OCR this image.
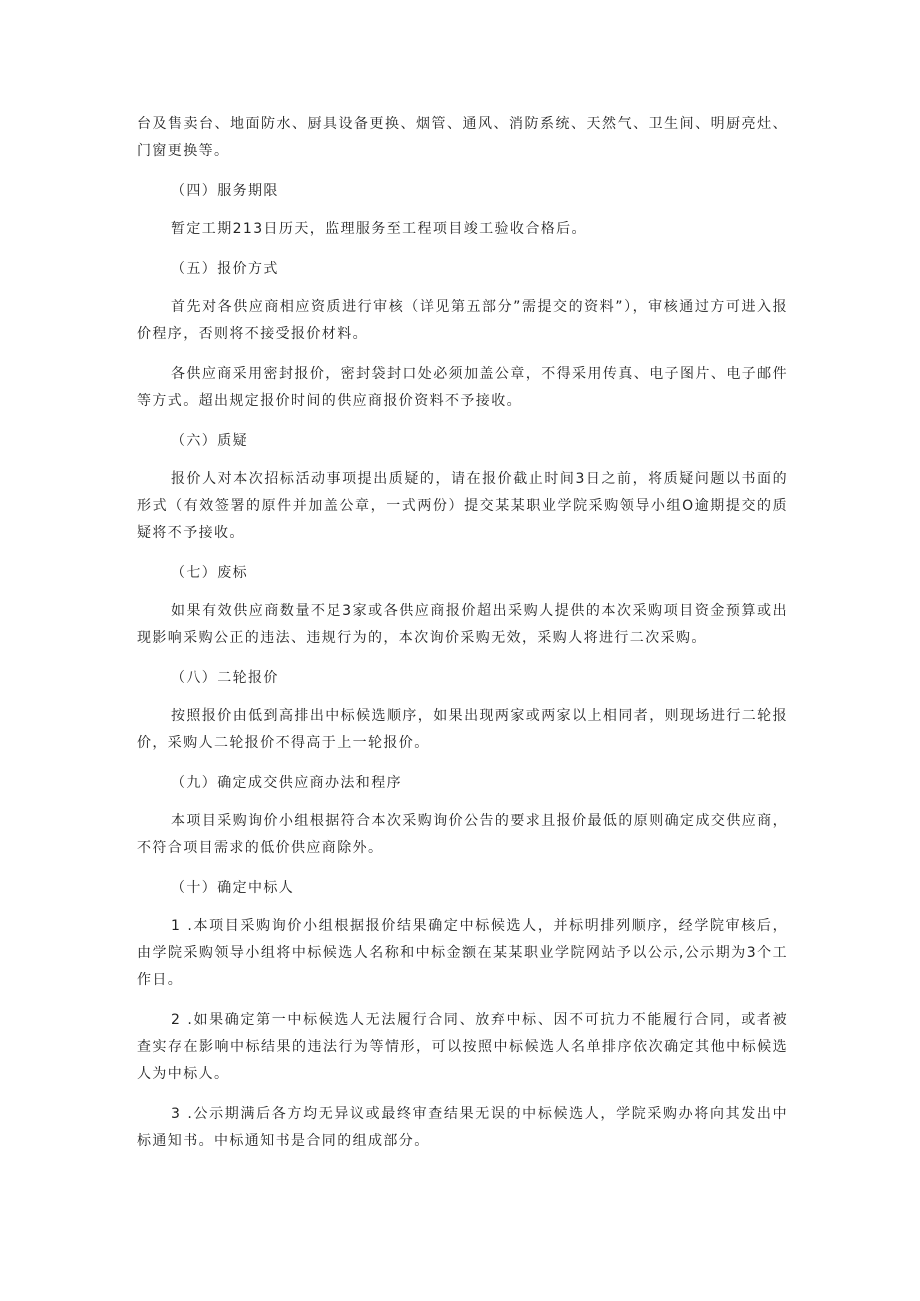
台及售卖台、地面防水、厨具设备更换、烟管、通风、消防系统、天然气、卫生间、明厨亮灶、门窗更换等。

（四）服务期限

暂定工期213日历天，监理服务至工程项目竣工验收合格后。

（五）报价方式

首先对各供应商相应资质进行审核（详见第五部分”需提交的资料”），审核通过方可进入报价程序，否则将不接受报价材料。

各供应商采用密封报价，密封袋封口处必须加盖公章，不得采用传真、电子图片、电子邮件等方式。超出规定报价时间的供应商报价资料不予接收。

（六）质疑

报价人对本次招标活动事项提出质疑的，请在报价截止时间3日之前，将质疑问题以书面的形式（有效签署的原件并加盖公章，一式两份）提交某某职业学院采购领导小组O逾期提交的质疑将不予接收。

（七）废标

如果有效供应商数量不足3家或各供应商报价超出采购人提供的本次采购项目资金预算或出现影响采购公正的违法、违规行为的，本次询价采购无效，采购人将进行二次采购。

（八）二轮报价

按照报价由低到高排出中标候选顺序，如果出现两家或两家以上相同者，则现场进行二轮报价，采购人二轮报价不得高于上一轮报价。

（九）确定成交供应商办法和程序

本项目采购询价小组根据符合本次采购询价公告的要求且报价最低的原则确定成交供应商，不符合项目需求的低价供应商除外。

（十）确定中标人

1 .本项目采购询价小组根据报价结果确定中标候选人，并标明排列顺序，经学院审核后，由学院采购领导小组将中标候选人名称和中标金额在某某职业学院网站予以公示,公示期为3个工作日。

2 .如果确定第一中标候选人无法履行合同、放弃中标、因不可抗力不能履行合同，或者被查实存在影响中标结果的违法行为等情形，可以按照中标候选人名单排序依次确定其他中标候选人为中标人。

3 .公示期满后各方均无异议或最终审查结果无误的中标候选人，学院采购办将向其发出中标通知书。中标通知书是合同的组成部分。
